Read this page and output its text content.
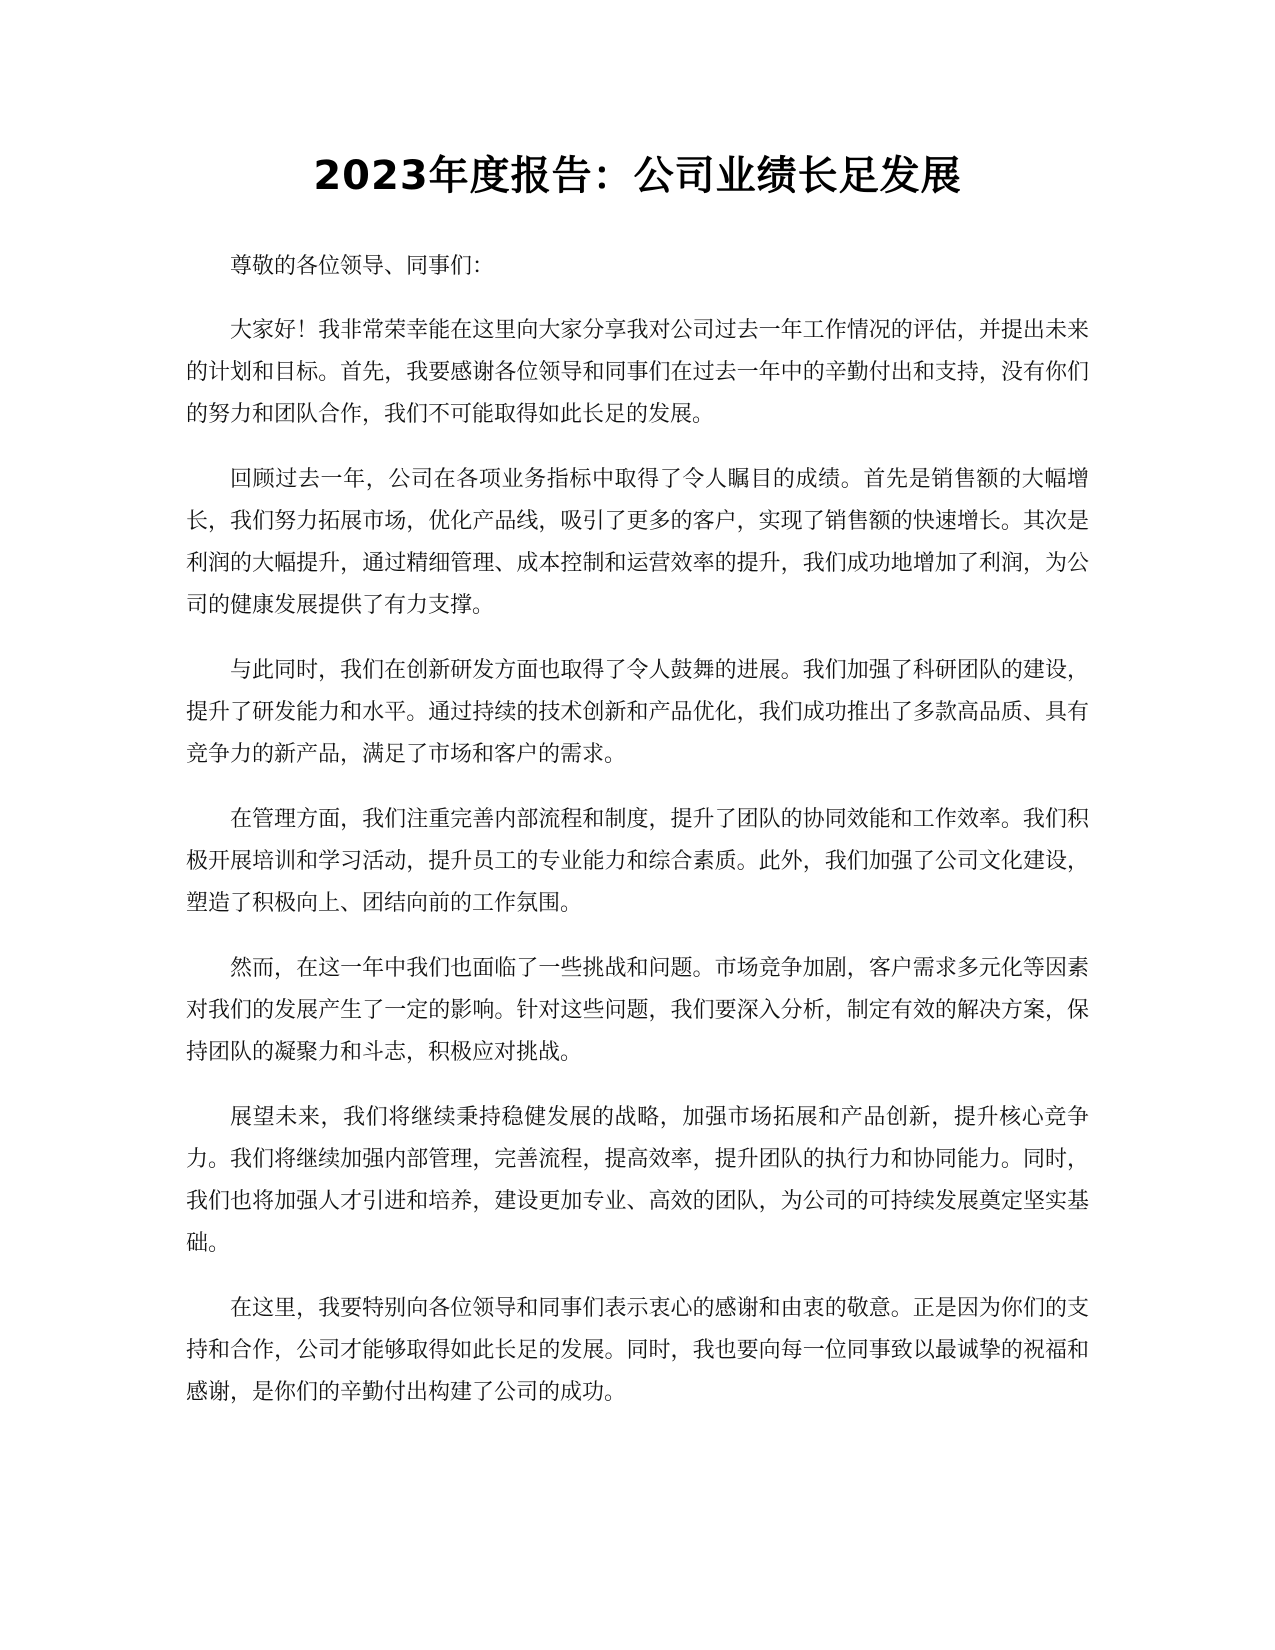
2023年度报告：公司业绩长足发展

尊敬的各位领导、同事们：

大家好！我非常荣幸能在这里向大家分享我对公司过去一年工作情况的评估，并提出未来的计划和目标。首先，我要感谢各位领导和同事们在过去一年中的辛勤付出和支持，没有你们的努力和团队合作，我们不可能取得如此长足的发展。

回顾过去一年，公司在各项业务指标中取得了令人瞩目的成绩。首先是销售额的大幅增长，我们努力拓展市场，优化产品线，吸引了更多的客户，实现了销售额的快速增长。其次是利润的大幅提升，通过精细管理、成本控制和运营效率的提升，我们成功地增加了利润，为公司的健康发展提供了有力支撑。

与此同时，我们在创新研发方面也取得了令人鼓舞的进展。我们加强了科研团队的建设，提升了研发能力和水平。通过持续的技术创新和产品优化，我们成功推出了多款高品质、具有竞争力的新产品，满足了市场和客户的需求。

在管理方面，我们注重完善内部流程和制度，提升了团队的协同效能和工作效率。我们积极开展培训和学习活动，提升员工的专业能力和综合素质。此外，我们加强了公司文化建设，塑造了积极向上、团结向前的工作氛围。

然而，在这一年中我们也面临了一些挑战和问题。市场竞争加剧，客户需求多元化等因素对我们的发展产生了一定的影响。针对这些问题，我们要深入分析，制定有效的解决方案，保持团队的凝聚力和斗志，积极应对挑战。

展望未来，我们将继续秉持稳健发展的战略，加强市场拓展和产品创新，提升核心竞争力。我们将继续加强内部管理，完善流程，提高效率，提升团队的执行力和协同能力。同时，我们也将加强人才引进和培养，建设更加专业、高效的团队，为公司的可持续发展奠定坚实基础。

在这里，我要特别向各位领导和同事们表示衷心的感谢和由衷的敬意。正是因为你们的支持和合作，公司才能够取得如此长足的发展。同时，我也要向每一位同事致以最诚挚的祝福和感谢，是你们的辛勤付出构建了公司的成功。
